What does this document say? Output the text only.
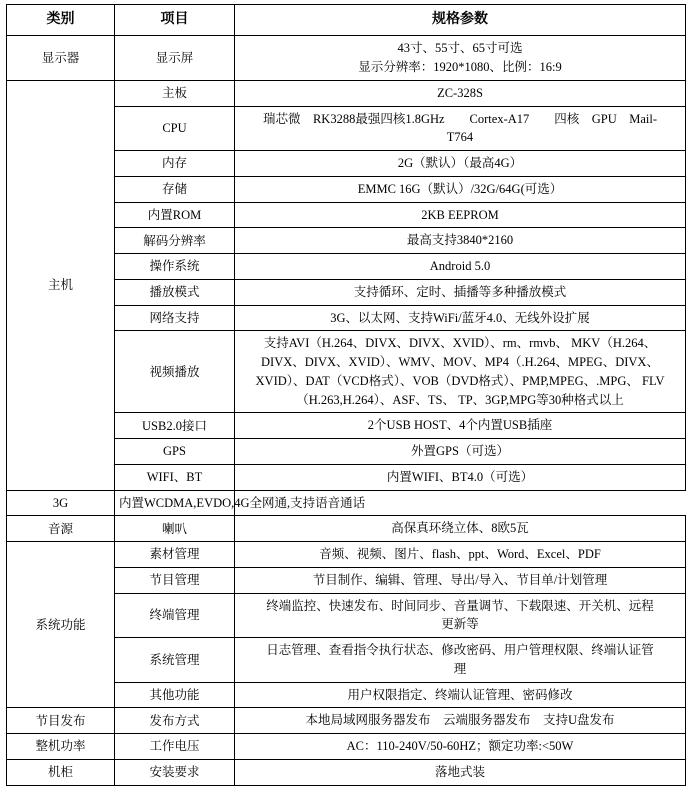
类别	项目	规格参数
显示器	显示屏	43寸、55寸、65寸可选
显示分辨率：1920*1080、比例：16:9

主机	主板	ZC-328S

	CPU	瑞芯微　RK3288最强四核1.8GHz　　Cortex-A17　　四核　GPU　Mail-
T764

	内存	2G（默认）（最高4G）

	存储	EMMC 16G（默认）/32G/64G(可选）

	内置ROM	2KB EEPROM

	解码分辨率	最高支持3840*2160

	操作系统	Android 5.0

	播放模式	支持循环、定时、插播等多种播放模式

	网络支持	3G、以太网、支持WiFi/蓝牙4.0、无线外设扩展

	视频播放	支持AVI（H.264、DIVX、DIVX、XVID）、rm、rmvb、 MKV（H.264、
DIVX、DIVX、XVID）、WMV、MOV、MP4（.H.264、MPEG、DIVX、
XVID）、DAT（VCD格式）、VOB（DVD格式）、PMP,MPEG、.MPG、 FLV
（H.263,H.264）、ASF、TS、 TP、3GP,MPG等30种格式以上

	USB2.0接口	2个USB HOST、4个内置USB插座

	GPS	外置GPS（可选）

	WIFI、BT	内置WIFI、BT4.0（可选）

3G	内置WCDMA,EVDO,4G全网通,支持语音通话	

音源	喇叭	高保真环绕立体、8欧5瓦

系统功能	素材管理	音频、视频、图片、flash、ppt、Word、Excel、PDF

	节目管理	节目制作、编辑、管理、导出/导入、节目单/计划管理

	终端管理	终端监控、快速发布、时间同步、音量调节、下载限速、开关机、远程
更新等

	系统管理	日志管理、查看指令执行状态、修改密码、用户管理权限、终端认证管
理

	其他功能	用户权限指定、终端认证管理、密码修改

节目发布	发布方式	本地局域网服务器发布　云端服务器发布　支持U盘发布

整机功率	工作电压	AC：110-240V/50-60HZ；额定功率:<50W

机柜	安装要求	落地式装
